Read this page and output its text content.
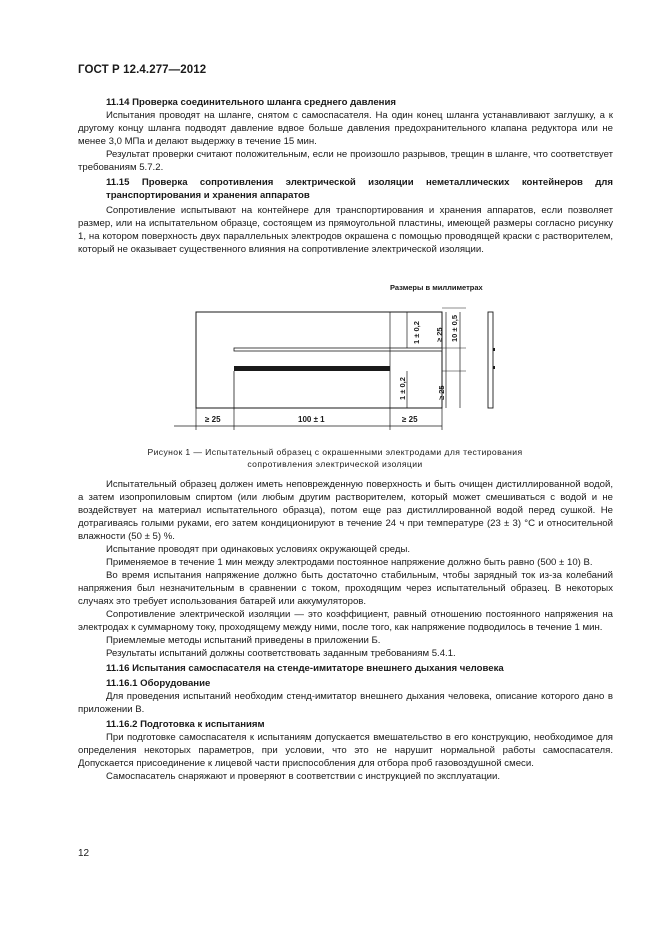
ГОСТ Р 12.4.277—2012
11.14 Проверка соединительного шланга среднего давления

Испытания проводят на шланге, снятом с самоспасателя. На один конец шланга устанавливают заглушку, а к другому концу шланга подводят давление вдвое больше давления предохранительного клапана редуктора или не менее 3,0 МПа и делают выдержку в течение 15 мин.

Результат проверки считают положительным, если не произошло разрывов, трещин в шланге, что соответствует требованиям 5.7.2.

11.15 Проверка сопротивления электрической изоляции неметаллических контейнеров для транспортирования и хранения аппаратов

Сопротивление испытывают на контейнере для транспортирования и хранения аппаратов, если позволяет размер, или на испытательном образце, состоящем из прямоугольной пластины, имеющей размеры согласно рисунку 1, на котором поверхность двух параллельных электродов окрашена с помощью проводящей краски с растворителем, который не оказывает существенного влияния на сопротивление электрической изоляции.

Размеры в миллиметрах
≥ 25	100 ± 1	≥ 25
1 ± 0,2
1 ± 0,2
≥ 25 10 ± 0,5
≥ 25
Рисунок 1 — Испытательный образец с окрашенными электродами для тестирования
сопротивления электрической изоляции

Испытательный образец должен иметь неповрежденную поверхность и быть очищен дистиллированной водой, а затем изопропиловым спиртом (или любым другим растворителем, который может смешиваться с водой и не воздействует на материал испытательного образца), потом еще раз дистиллированной водой перед сушкой. Не дотрагиваясь голыми руками, его затем кондиционируют в течение 24 ч при температуре (23 ± 3) °С и относительной влажности (50 ± 5) %.

Испытание проводят при одинаковых условиях окружающей среды.

Применяемое в течение 1 мин между электродами постоянное напряжение должно быть равно (500 ± 10) В.

Во время испытания напряжение должно быть достаточно стабильным, чтобы зарядный ток из-за колебаний напряжения был незначительным в сравнении с током, проходящим через испытательный образец. В некоторых случаях это требует использования батарей или аккумуляторов.

Сопротивление электрической изоляции — это коэффициент, равный отношению постоянного напряжения на электродах к суммарному току, проходящему между ними, после того, как напряжение подводилось в течение 1 мин.

Приемлемые методы испытаний приведены в приложении Б.

Результаты испытаний должны соответствовать заданным требованиям 5.4.1.

11.16 Испытания самоспасателя на стенде-имитаторе внешнего дыхания человека
11.16.1 Оборудование

Для проведения испытаний необходим стенд-имитатор внешнего дыхания человека, описание которого дано в приложении В.

11.16.2 Подготовка к испытаниям

При подготовке самоспасателя к испытаниям допускается вмешательство в его конструкцию, необходимое для определения некоторых параметров, при условии, что это не нарушит нормальной работы самоспасателя. Допускается присоединение к лицевой части приспособления для отбора проб газовоздушной смеси.

Самоспасатель снаряжают и проверяют в соответствии с инструкцией по эксплуатации.

12
